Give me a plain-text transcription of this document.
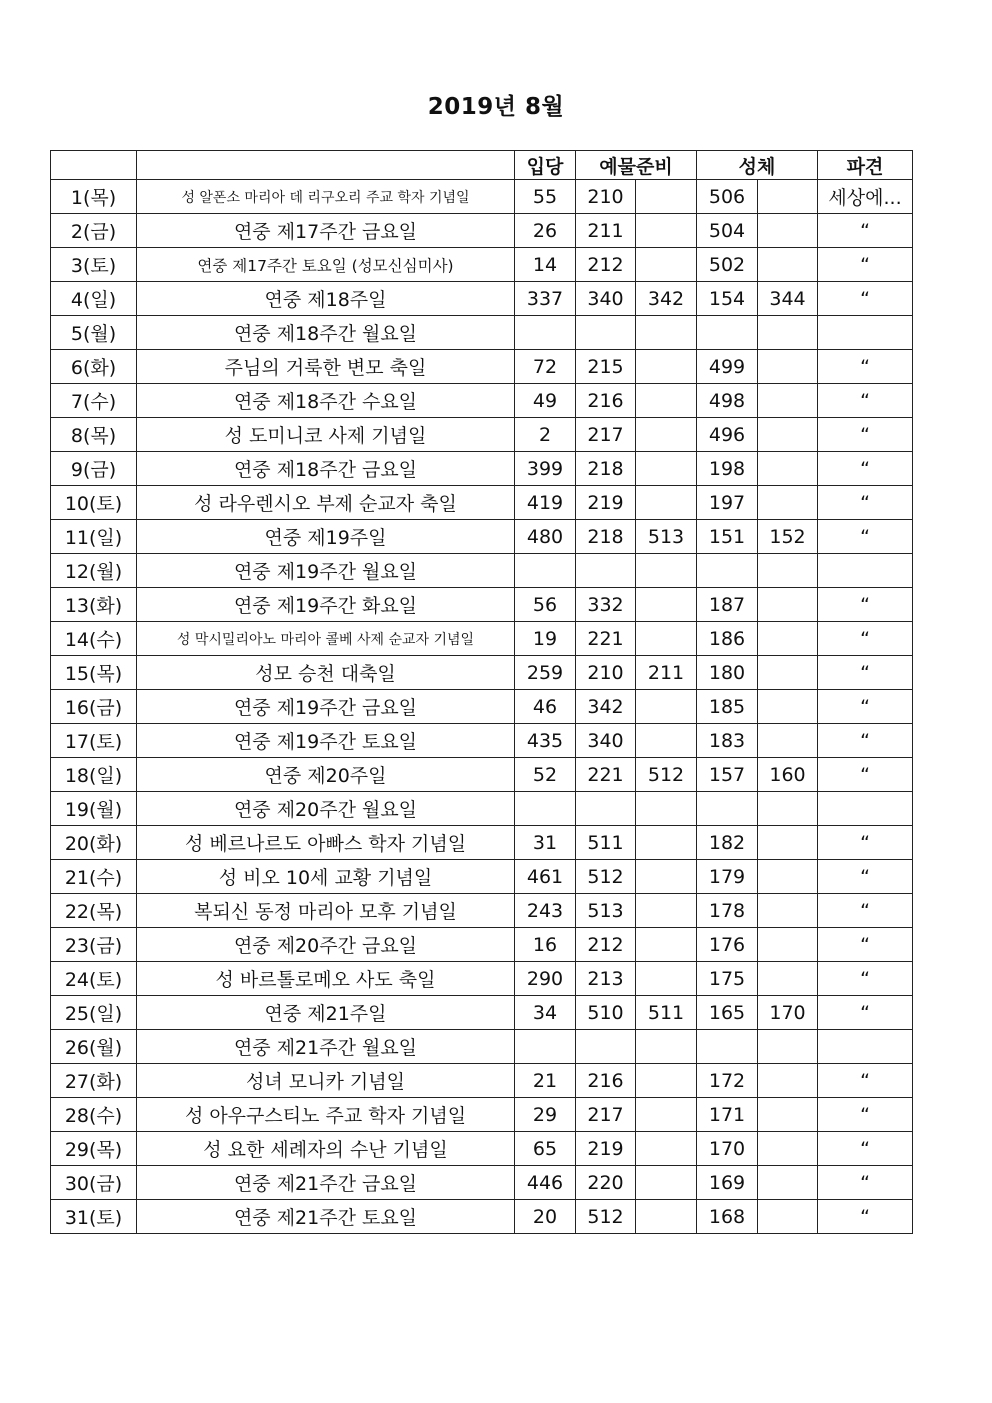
2019년 8월
		입당	예물준비		성체		파견
1(목)	성 알폰소 마리아 데 리구오리 주교 학자 기념일	55	210		506		세상에...
2(금)	연중 제17주간 금요일	26	211		504		“
3(토)	연중 제17주간 토요일 (성모신심미사)	14	212		502		“
4(일)	연중 제18주일	337	340	342	154	344	“
5(월)	연중 제18주간 월요일						
6(화)	주님의 거룩한 변모 축일	72	215		499		“
7(수)	연중 제18주간 수요일	49	216		498		“
8(목)	성 도미니코 사제 기념일	2	217		496		“
9(금)	연중 제18주간 금요일	399	218		198		“
10(토)	성 라우렌시오 부제 순교자 축일	419	219		197		“
11(일)	연중 제19주일	480	218	513	151	152	“
12(월)	연중 제19주간 월요일						
13(화)	연중 제19주간 화요일	56	332		187		“
14(수)	성 막시밀리아노 마리아 콜베 사제 순교자 기념일	19	221		186		“
15(목)	성모 승천 대축일	259	210	211	180		“
16(금)	연중 제19주간 금요일	46	342		185		“
17(토)	연중 제19주간 토요일	435	340		183		“
18(일)	연중 제20주일	52	221	512	157	160	“
19(월)	연중 제20주간 월요일						
20(화)	성 베르나르도 아빠스 학자 기념일	31	511		182		“
21(수)	성 비오 10세 교황 기념일	461	512		179		“
22(목)	복되신 동정 마리아 모후 기념일	243	513		178		“
23(금)	연중 제20주간 금요일	16	212		176		“
24(토)	성 바르톨로메오 사도 축일	290	213		175		“
25(일)	연중 제21주일	34	510	511	165	170	“
26(월)	연중 제21주간 월요일						
27(화)	성녀 모니카 기념일	21	216		172		“
28(수)	성 아우구스티노 주교 학자 기념일	29	217		171		“
29(목)	성 요한 세례자의 수난 기념일	65	219		170		“
30(금)	연중 제21주간 금요일	446	220		169		“
31(토)	연중 제21주간 토요일	20	512		168		“
